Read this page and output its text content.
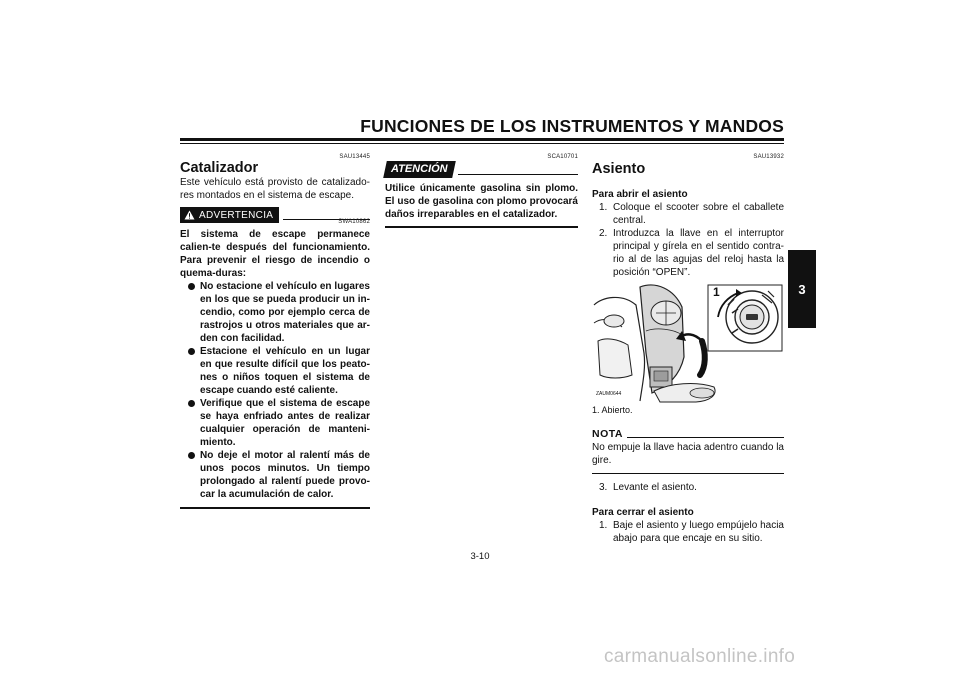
FUNCIONES DE LOS INSTRUMENTOS Y MANDOS
3
SAU13445
Catalizador

Este vehículo está provisto de catalizado-res montados en el sistema de escape.

ADVERTENCIA
SWA10862

El sistema de escape permanece calien-te después del funcionamiento. Para prevenir el riesgo de incendio o quema-duras:

No estacione el vehículo en lugares en los que se pueda producir un in-cendio, como por ejemplo cerca de rastrojos u otros materiales que ar-den con facilidad.
Estacione el vehículo en un lugar en que resulte difícil que los peato-nes o niños toquen el sistema de escape cuando esté caliente.
Verifique que el sistema de escape se haya enfriado antes de realizar cualquier operación de manteni-miento.
No deje el motor al ralentí más de unos pocos minutos. Un tiempo prolongado al ralentí puede provo-car la acumulación de calor.
SCA10701
ATENCIÓN

Utilice únicamente gasolina sin plomo. El uso de gasolina con plomo provocará daños irreparables en el catalizador.

SAU13932
Asiento
Para abrir el asiento
1. Coloque el scooter sobre el caballete central.
2. Introduzca la llave en el interruptor principal y gírela en el sentido contra-rio al de las agujas del reloj hasta la posición “OPEN”.
1
ZAUM0644
1. Abierto.
NOTA

No empuje la llave hacia adentro cuando la gire.

3. Levante el asiento.
Para cerrar el asiento
1. Baje el asiento y luego empújelo hacia abajo para que encaje en su sitio.
3-10
carmanualsonline.info
